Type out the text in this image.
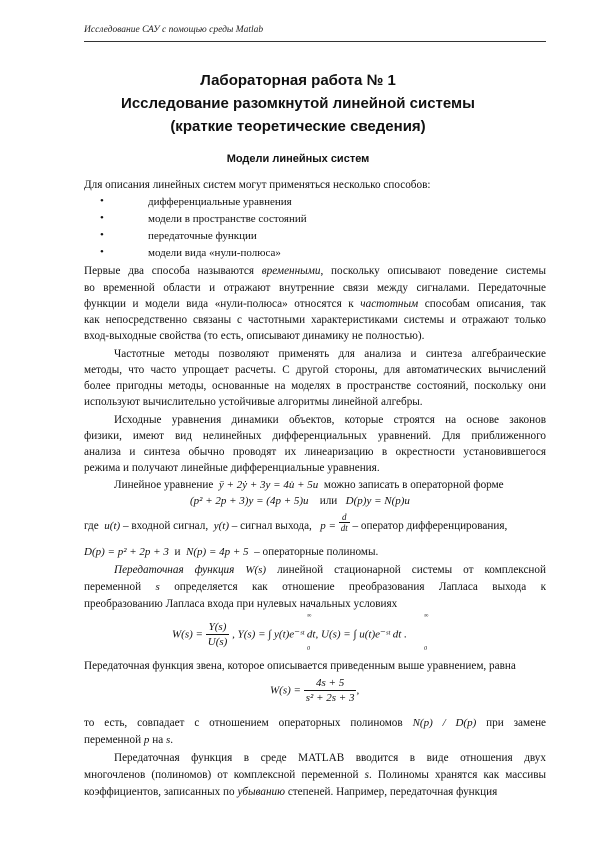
Исследование САУ с помощью среды Matlab
Лабораторная работа № 1
Исследование разомкнутой линейной системы
(краткие теоретические сведения)
Модели линейных систем
Для описания линейных систем могут применяться несколько способов:
•	дифференциальные уравнения
•	модели в пространстве состояний
•	передаточные функции
•	модели вида «нули-полюса»
Первые два способа называются временными, поскольку описывают поведение системы
во временной области и отражают внутренние связи между сигналами. Передаточные
функции и модели вида «нули-полюса» относятся к частотным способам описания, так
как непосредственно связаны с частотными характеристиками системы и отражают только
вход-выходные свойства (то есть, описывают динамику не полностью).
Частотные методы позволяют применять для анализа и синтеза алгебраические
методы, что часто упрощает расчеты. С другой стороны, для автоматических вычислений
более пригодны методы, основанные на моделях в пространстве состояний, поскольку они
используют вычислительно устойчивые алгоритмы линейной алгебры.
Исходные уравнения динамики объектов, которые строятся на основе законов
физики, имеют вид нелинейных дифференциальных уравнений. Для приближенного
анализа и синтеза обычно проводят их линеаризацию в окрестности установившегося
режима и получают линейные дифференциальные уравнения.
Линейное уравнение ÿ + 2ẏ + 3y = 4u̇ + 5u можно записать в операторной форме
(p² + 2p + 3)y = (4p + 5)u или D(p)y = N(p)u
где u(t) – входной сигнал, y(t) – сигнал выхода, $p = \frac{d}{dt}$ – оператор дифференцирования,
D(p) = p² + 2p + 3 и N(p) = 4p + 5 – операторные полиномы.
Передаточная функция W(s) линейной стационарной системы от комплексной
переменной s определяется как отношение преобразования Лапласа выхода к
преобразованию Лапласа входа при нулевых начальных условиях
$W(s) = \frac{Y(s)}{U(s)}$ , Y(s) = ∫ y(t)e⁻ˢᵗ dt, U(s) = ∫ u(t)e⁻ˢᵗ dt .
∞
0
∞
0
Передаточная функция звена, которое описывается приведенным выше уравнением, равна
$W(s) = \frac{4s + 5}{\text{s² + 2s + 3}}$ ,
то есть, совпадает с отношением операторных полиномов N(p) / D(p) при замене
переменной p на s.
Передаточная функция в среде MATLAB вводится в виде отношения двух
многочленов (полиномов) от комплексной переменной s. Полиномы хранятся как массивы
коэффициентов, записанных по убыванию степеней. Например, передаточная функция
